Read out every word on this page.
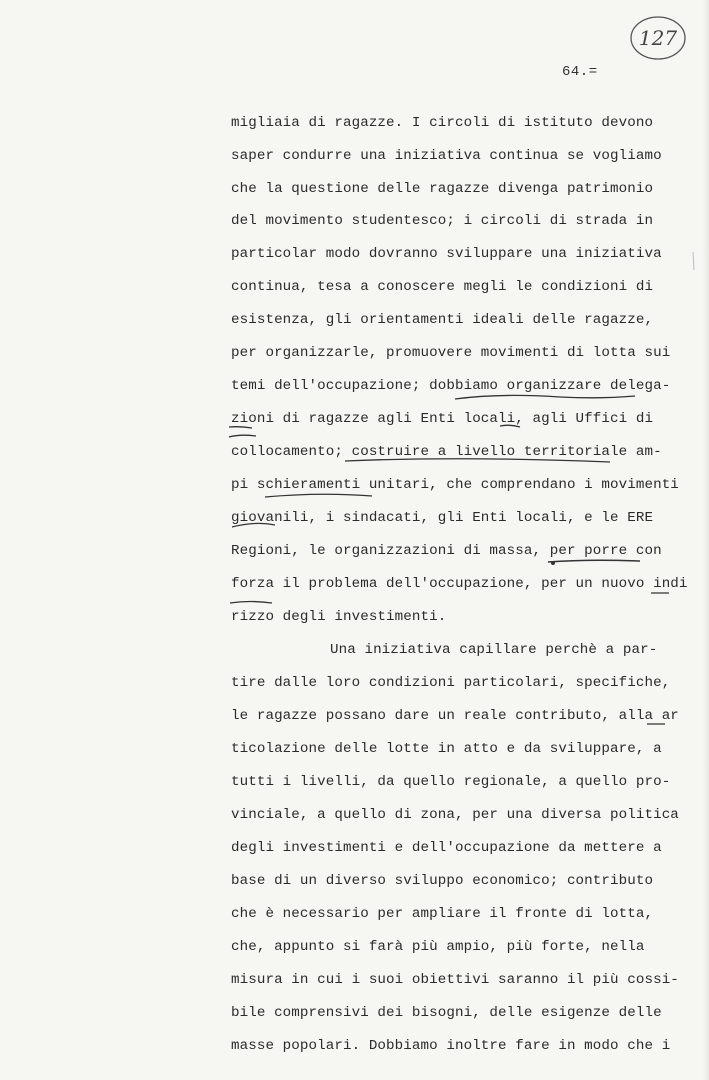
127
64.=
migliaia di ragazze. I circoli di istituto devono
saper condurre una iniziativa continua se vogliamo
che la questione delle ragazze divenga patrimonio
del movimento studentesco; i circoli di strada in
particolar modo dovranno sviluppare una iniziativa
continua, tesa a conoscere megli le condizioni di
esistenza, gli orientamenti ideali delle ragazze,
per organizzarle, promuovere movimenti di lotta sui
temi dell'occupazione; dobbiamo organizzare delega-
zioni di ragazze agli Enti locali, agli Uffici di
collocamento; costruire a livello territoriale am-
pi schieramenti unitari, che comprendano i movimenti
giovanili, i sindacati, gli Enti locali, e le ERE
Regioni, le organizzazioni di massa, per porre con
forza il problema dell'occupazione, per un nuovo indi
rizzo degli investimenti.
Una iniziativa capillare perchè a par-
tire dalle loro condizioni particolari, specifiche,
le ragazze possano dare un reale contributo, alla ar
ticolazione delle lotte in atto e da sviluppare, a
tutti i livelli, da quello regionale, a quello pro-
vinciale, a quello di zona, per una diversa politica
degli investimenti e dell'occupazione da mettere a
base di un diverso sviluppo economico; contributo
che è necessario per ampliare il fronte di lotta,
che, appunto si farà più ampio, più forte, nella
misura in cui i suoi obiettivi saranno il più cossi-
bile comprensivi dei bisogni, delle esigenze delle
masse popolari. Dobbiamo inoltre fare in modo che i
